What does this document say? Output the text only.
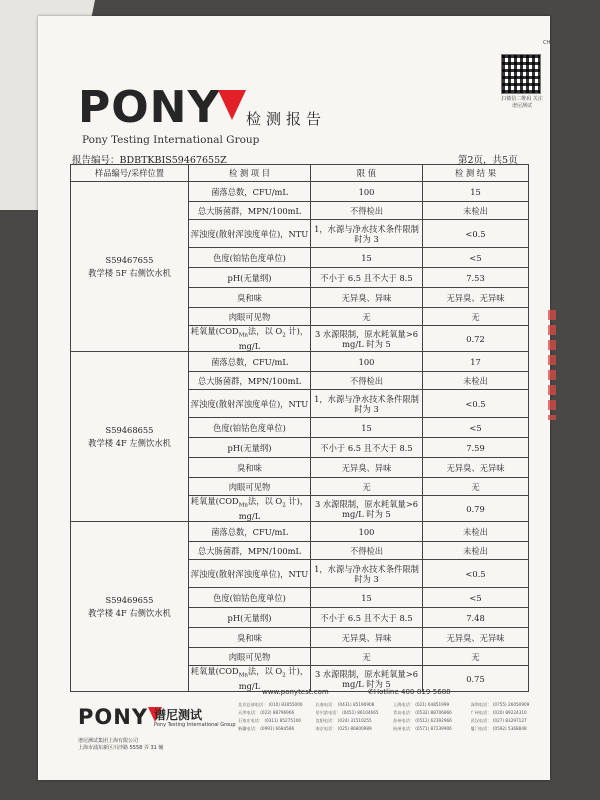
PONY
Pony Testing International Group
检测报告
CH
扫微信二维码 关注谱尼测试
报告编号：BDBTKBIS59467655Z	第2页，共5页
样品编号/采样位置	检 测 项 目	限 值	检 测 结 果

S59467655
教学楼 5F 右侧饮水机	菌落总数，CFU/mL	100	15
	总大肠菌群，MPN/100mL	不得检出	未检出
	浑浊度(散射浑浊度单位)，NTU	1，水源与净水技术条件限制时为 3	<0.5
	色度(铂钴色度单位)	15	<5
	pH(无量纲)	不小于 6.5 且不大于 8.5	7.53
	臭和味	无异臭、异味	无异臭、无异味
	肉眼可见物	无	无
	耗氧量($COD_{Mn}$法，以 $O_2$ 计)，mg/L	3 水源限制，原水耗氧量>6 mg/L 时为 5	0.72

S59468655
教学楼 4F 左侧饮水机	菌落总数，CFU/mL	100	17
	总大肠菌群，MPN/100mL	不得检出	未检出
	浑浊度(散射浑浊度单位)，NTU	1，水源与净水技术条件限制时为 3	<0.5
	色度(铂钴色度单位)	15	<5
	pH(无量纲)	不小于 6.5 且不大于 8.5	7.59
	臭和味	无异臭、异味	无异臭、无异味
	肉眼可见物	无	无
	耗氧量($COD_{Mn}$法，以 $O_2$ 计)，mg/L	3 水源限制，原水耗氧量>6 mg/L 时为 5	0.79

S59469655
教学楼 4F 右侧饮水机	菌落总数，CFU/mL	100	未检出
	总大肠菌群，MPN/100mL	不得检出	未检出
	浑浊度(散射浑浊度单位)，NTU	1，水源与净水技术条件限制时为 3	<0.5
	色度(铂钴色度单位)	15	<5
	pH(无量纲)	不小于 6.5 且不大于 8.5	7.48
	臭和味	无异臭、异味	无异臭、无异味
	肉眼可见物	无	无
	耗氧量($COD_{Mn}$法，以 $O_2$ 计)，mg/L	3 水源限制，原水耗氧量>6 mg/L 时为 5	0.75
www.ponytest.com	✆Hotline 400-819-5688
PONY 谱尼测试
Pony Testing International Group
谱尼测试集团上海有限公司
上海市浦东新区川沙路 5558 弄 31 幢
北京总部电话： (010) 83055000	长春电话： (0431) 85190908	上海电话： (021) 64851999	深圳电话： (0755) 26050909
天津电话： (022) 88796966	哈尔滨电话： (0451) 86104665	青岛电话： (0532) 88706866	广州电话： (020) 89224310
石家庄电话： (0311) 85275100	沈阳电话： (024) 31510255	苏州电话： (0512) 62392966	武汉电话： (027) 83297127
新疆电话： (0991) 6684586	南京电话： (025) 86800989	杭州电话： (0571) 87239906	厦门电话： (0592) 5368848
